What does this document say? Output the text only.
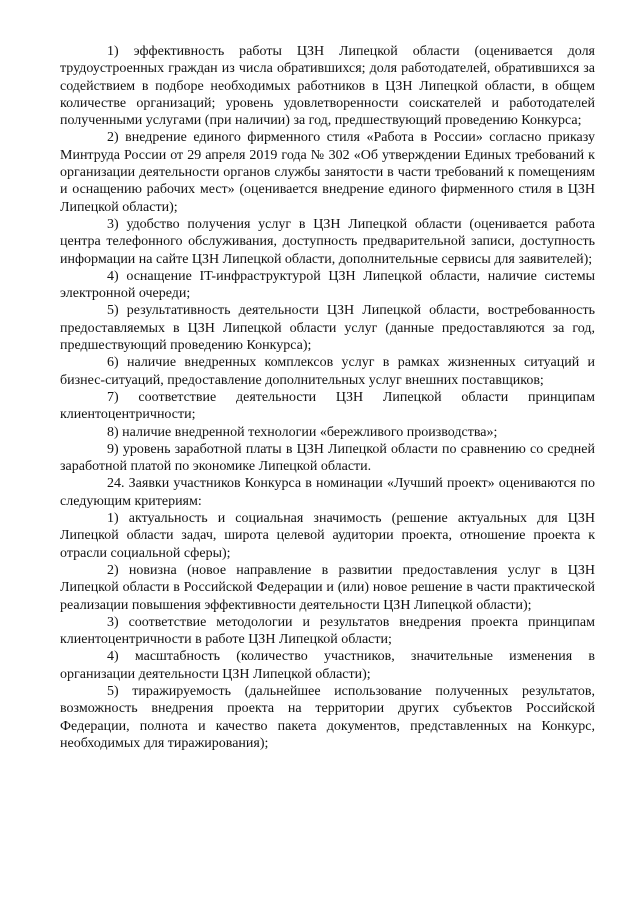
1) эффективность работы ЦЗН Липецкой области (оценивается доля трудоустроенных граждан из числа обратившихся; доля работодателей, обратившихся за содействием в подборе необходимых работников в ЦЗН Липецкой области, в общем количестве организаций; уровень удовлетворенности соискателей и работодателей полученными услугами (при наличии) за год, предшествующий проведению Конкурса;

2) внедрение единого фирменного стиля «Работа в России» согласно приказу Минтруда России от 29 апреля 2019 года № 302 «Об утверждении Единых требований к организации деятельности органов службы занятости в части требований к помещениям и оснащению рабочих мест» (оценивается внедрение единого фирменного стиля в ЦЗН Липецкой области);

3) удобство получения услуг в ЦЗН Липецкой области (оценивается работа центра телефонного обслуживания, доступность предварительной записи, доступность информации на сайте ЦЗН Липецкой области, дополнительные сервисы для заявителей);

4) оснащение IT-инфраструктурой ЦЗН Липецкой области, наличие системы электронной очереди;

5) результативность деятельности ЦЗН Липецкой области, востребованность предоставляемых в ЦЗН Липецкой области услуг (данные предоставляются за год, предшествующий проведению Конкурса);

6) наличие внедренных комплексов услуг в рамках жизненных ситуаций и бизнес-ситуаций, предоставление дополнительных услуг внешних поставщиков;

7) соответствие деятельности ЦЗН Липецкой области принципам клиентоцентричности;

8) наличие внедренной технологии «бережливого производства»;

9) уровень заработной платы в ЦЗН Липецкой области по сравнению со средней заработной платой по экономике Липецкой области.

24. Заявки участников Конкурса в номинации «Лучший проект» оцениваются по следующим критериям:

1) актуальность и социальная значимость (решение актуальных для ЦЗН Липецкой области задач, широта целевой аудитории проекта, отношение проекта к отрасли социальной сферы);

2) новизна (новое направление в развитии предоставления услуг в ЦЗН Липецкой области в Российской Федерации и (или) новое решение в части практической реализации повышения эффективности деятельности ЦЗН Липецкой области);

3) соответствие методологии и результатов внедрения проекта принципам клиентоцентричности в работе ЦЗН Липецкой области;

4) масштабность (количество участников, значительные изменения в организации деятельности ЦЗН Липецкой области);

5) тиражируемость (дальнейшее использование полученных результатов, возможность внедрения проекта на территории других субъектов Российской Федерации, полнота и качество пакета документов, представленных на Конкурс, необходимых для тиражирования);
